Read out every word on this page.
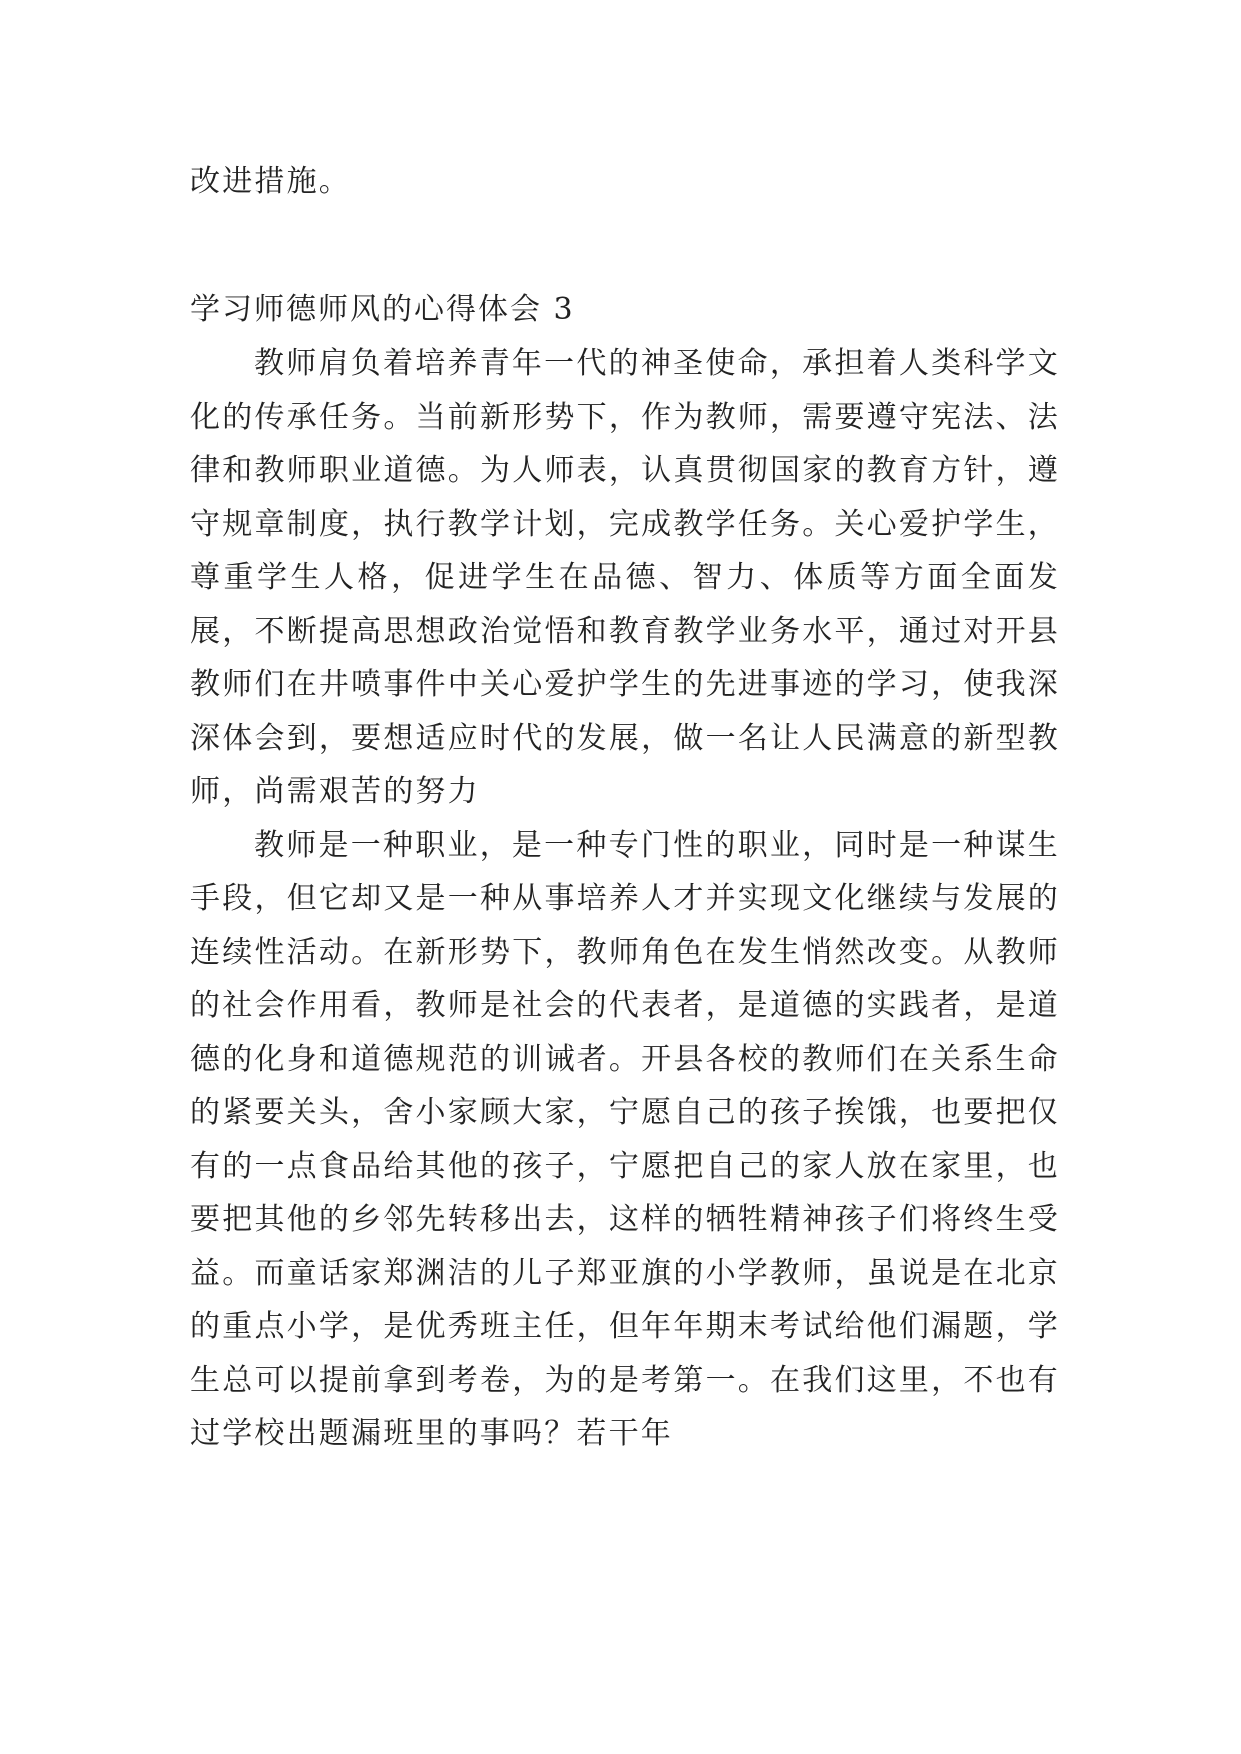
改进措施。
学习师德师风的心得体会 3

教师肩负着培养青年一代的神圣使命，承担着人类科学文化的传承任务。当前新形势下，作为教师，需要遵守宪法、法律和教师职业道德。为人师表，认真贯彻国家的教育方针，遵守规章制度，执行教学计划，完成教学任务。关心爱护学生，尊重学生人格，促进学生在品德、智力、体质等方面全面发展，不断提高思想政治觉悟和教育教学业务水平，通过对开县教师们在井喷事件中关心爱护学生的先进事迹的学习，使我深深体会到，要想适应时代的发展，做一名让人民满意的新型教师，尚需艰苦的努力

教师是一种职业，是一种专门性的职业，同时是一种谋生手段，但它却又是一种从事培养人才并实现文化继续与发展的连续性活动。在新形势下，教师角色在发生悄然改变。从教师的社会作用看，教师是社会的代表者，是道德的实践者，是道德的化身和道德规范的训诫者。开县各校的教师们在关系生命的紧要关头，舍小家顾大家，宁愿自己的孩子挨饿，也要把仅有的一点食品给其他的孩子，宁愿把自己的家人放在家里，也要把其他的乡邻先转移出去，这样的牺牲精神孩子们将终生受益。而童话家郑渊洁的儿子郑亚旗的小学教师，虽说是在北京的重点小学，是优秀班主任，但年年期末考试给他们漏题，学生总可以提前拿到考卷，为的是考第一。在我们这里，不也有过学校出题漏班里的事吗？若干年
